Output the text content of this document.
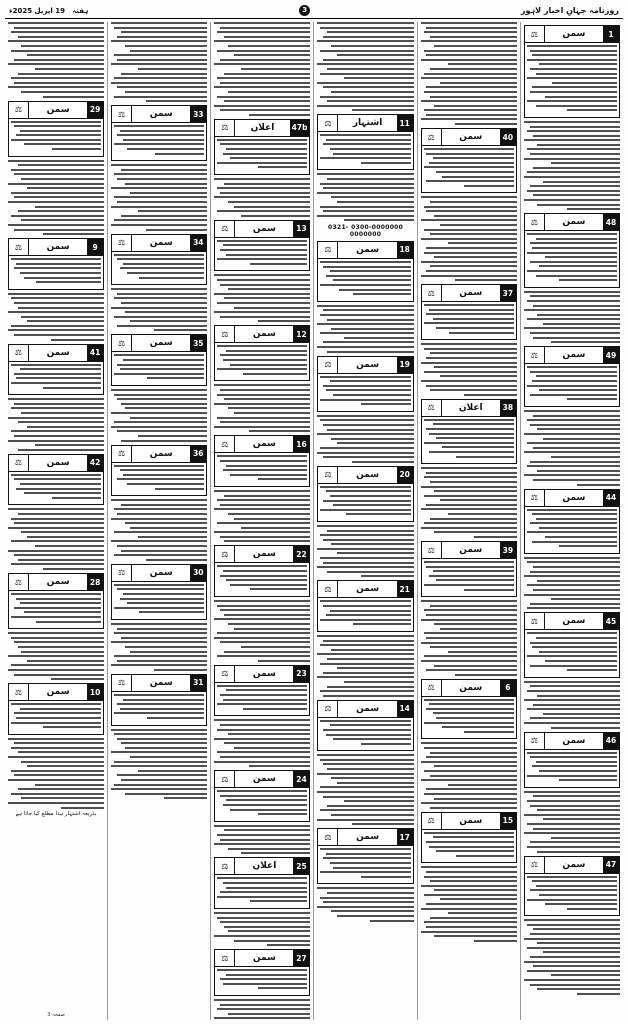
روزنامہ جہانِ اخبار لاہور
3
ہفتہ   19 اپریل 2025ء
1
سمن
⚖
48
سمن
⚖
49
سمن
⚖
44
سمن
⚖
45
سمن
⚖
46
سمن
⚖
47
سمن
⚖
40
سمن
⚖
37
سمن
⚖
38
اعلان
⚖
39
سمن
⚖
6
سمن
⚖
15
سمن
⚖
11
اشتہار
⚖
0300-0000000 0321-0000000
18
سمن
⚖
19
سمن
⚖
20
سمن
⚖
21
سمن
⚖
14
سمن
⚖
17
سمن
⚖
47b
اعلان
⚖
13
سمن
⚖
12
سمن
⚖
16
سمن
⚖
22
سمن
⚖
23
سمن
⚖
24
سمن
⚖
25
اعلان
⚖
27
سمن
⚖
33
سمن
⚖
34
سمن
⚖
35
سمن
⚖
36
سمن
⚖
30
سمن
⚖
31
سمن
⚖
29
سمن
⚖
9
سمن
⚖
41
سمن
⚖
42
سمن
⚖
28
سمن
⚖
10
سمن
⚖
بذریعہ اشتہار ہذا مطلع کیا جاتا ہے
صفحہ 3
